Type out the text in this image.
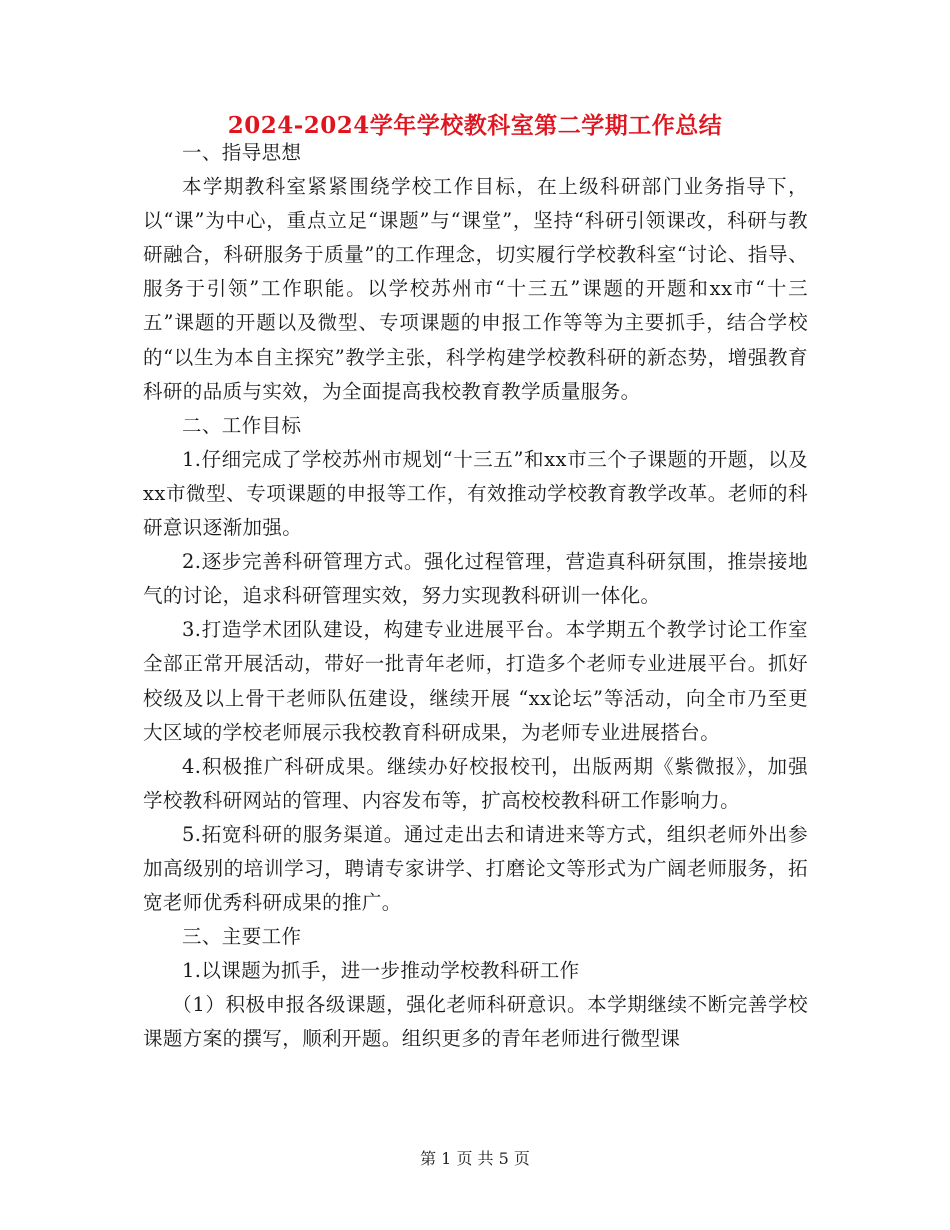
2024-2024学年学校教科室第二学期工作总结

一、指导思想

本学期教科室紧紧围绕学校工作目标，在上级科研部门业务指导下，以“课”为中心，重点立足“课题”与“课堂”，坚持“科研引领课改，科研与教研融合，科研服务于质量”的工作理念，切实履行学校教科室“讨论、指导、服务于引领”工作职能。以学校苏州市“十三五”课题的开题和xx市“十三五”课题的开题以及微型、专项课题的申报工作等等为主要抓手，结合学校的“以生为本自主探究”教学主张，科学构建学校教科研的新态势，增强教育科研的品质与实效，为全面提高我校教育教学质量服务。

二、工作目标

1.仔细完成了学校苏州市规划“十三五”和xx市三个子课题的开题，以及xx市微型、专项课题的申报等工作，有效推动学校教育教学改革。老师的科研意识逐渐加强。

2.逐步完善科研管理方式。强化过程管理，营造真科研氛围，推崇接地气的讨论，追求科研管理实效，努力实现教科研训一体化。

3.打造学术团队建设，构建专业进展平台。本学期五个教学讨论工作室全部正常开展活动，带好一批青年老师，打造多个老师专业进展平台。抓好校级及以上骨干老师队伍建设，继续开展 “xx论坛”等活动，向全市乃至更大区域的学校老师展示我校教育科研成果，为老师专业进展搭台。

4.积极推广科研成果。继续办好校报校刊，出版两期《紫微报》，加强学校教科研网站的管理、内容发布等，扩高校校教科研工作影响力。

5.拓宽科研的服务渠道。通过走出去和请进来等方式，组织老师外出参加高级别的培训学习，聘请专家讲学、打磨论文等形式为广阔老师服务，拓宽老师优秀科研成果的推广。

三、主要工作

1.以课题为抓手，进一步推动学校教科研工作

（1）积极申报各级课题，强化老师科研意识。本学期继续不断完善学校课题方案的撰写，顺利开题。组织更多的青年老师进行微型课

第 1 页 共 5 页
